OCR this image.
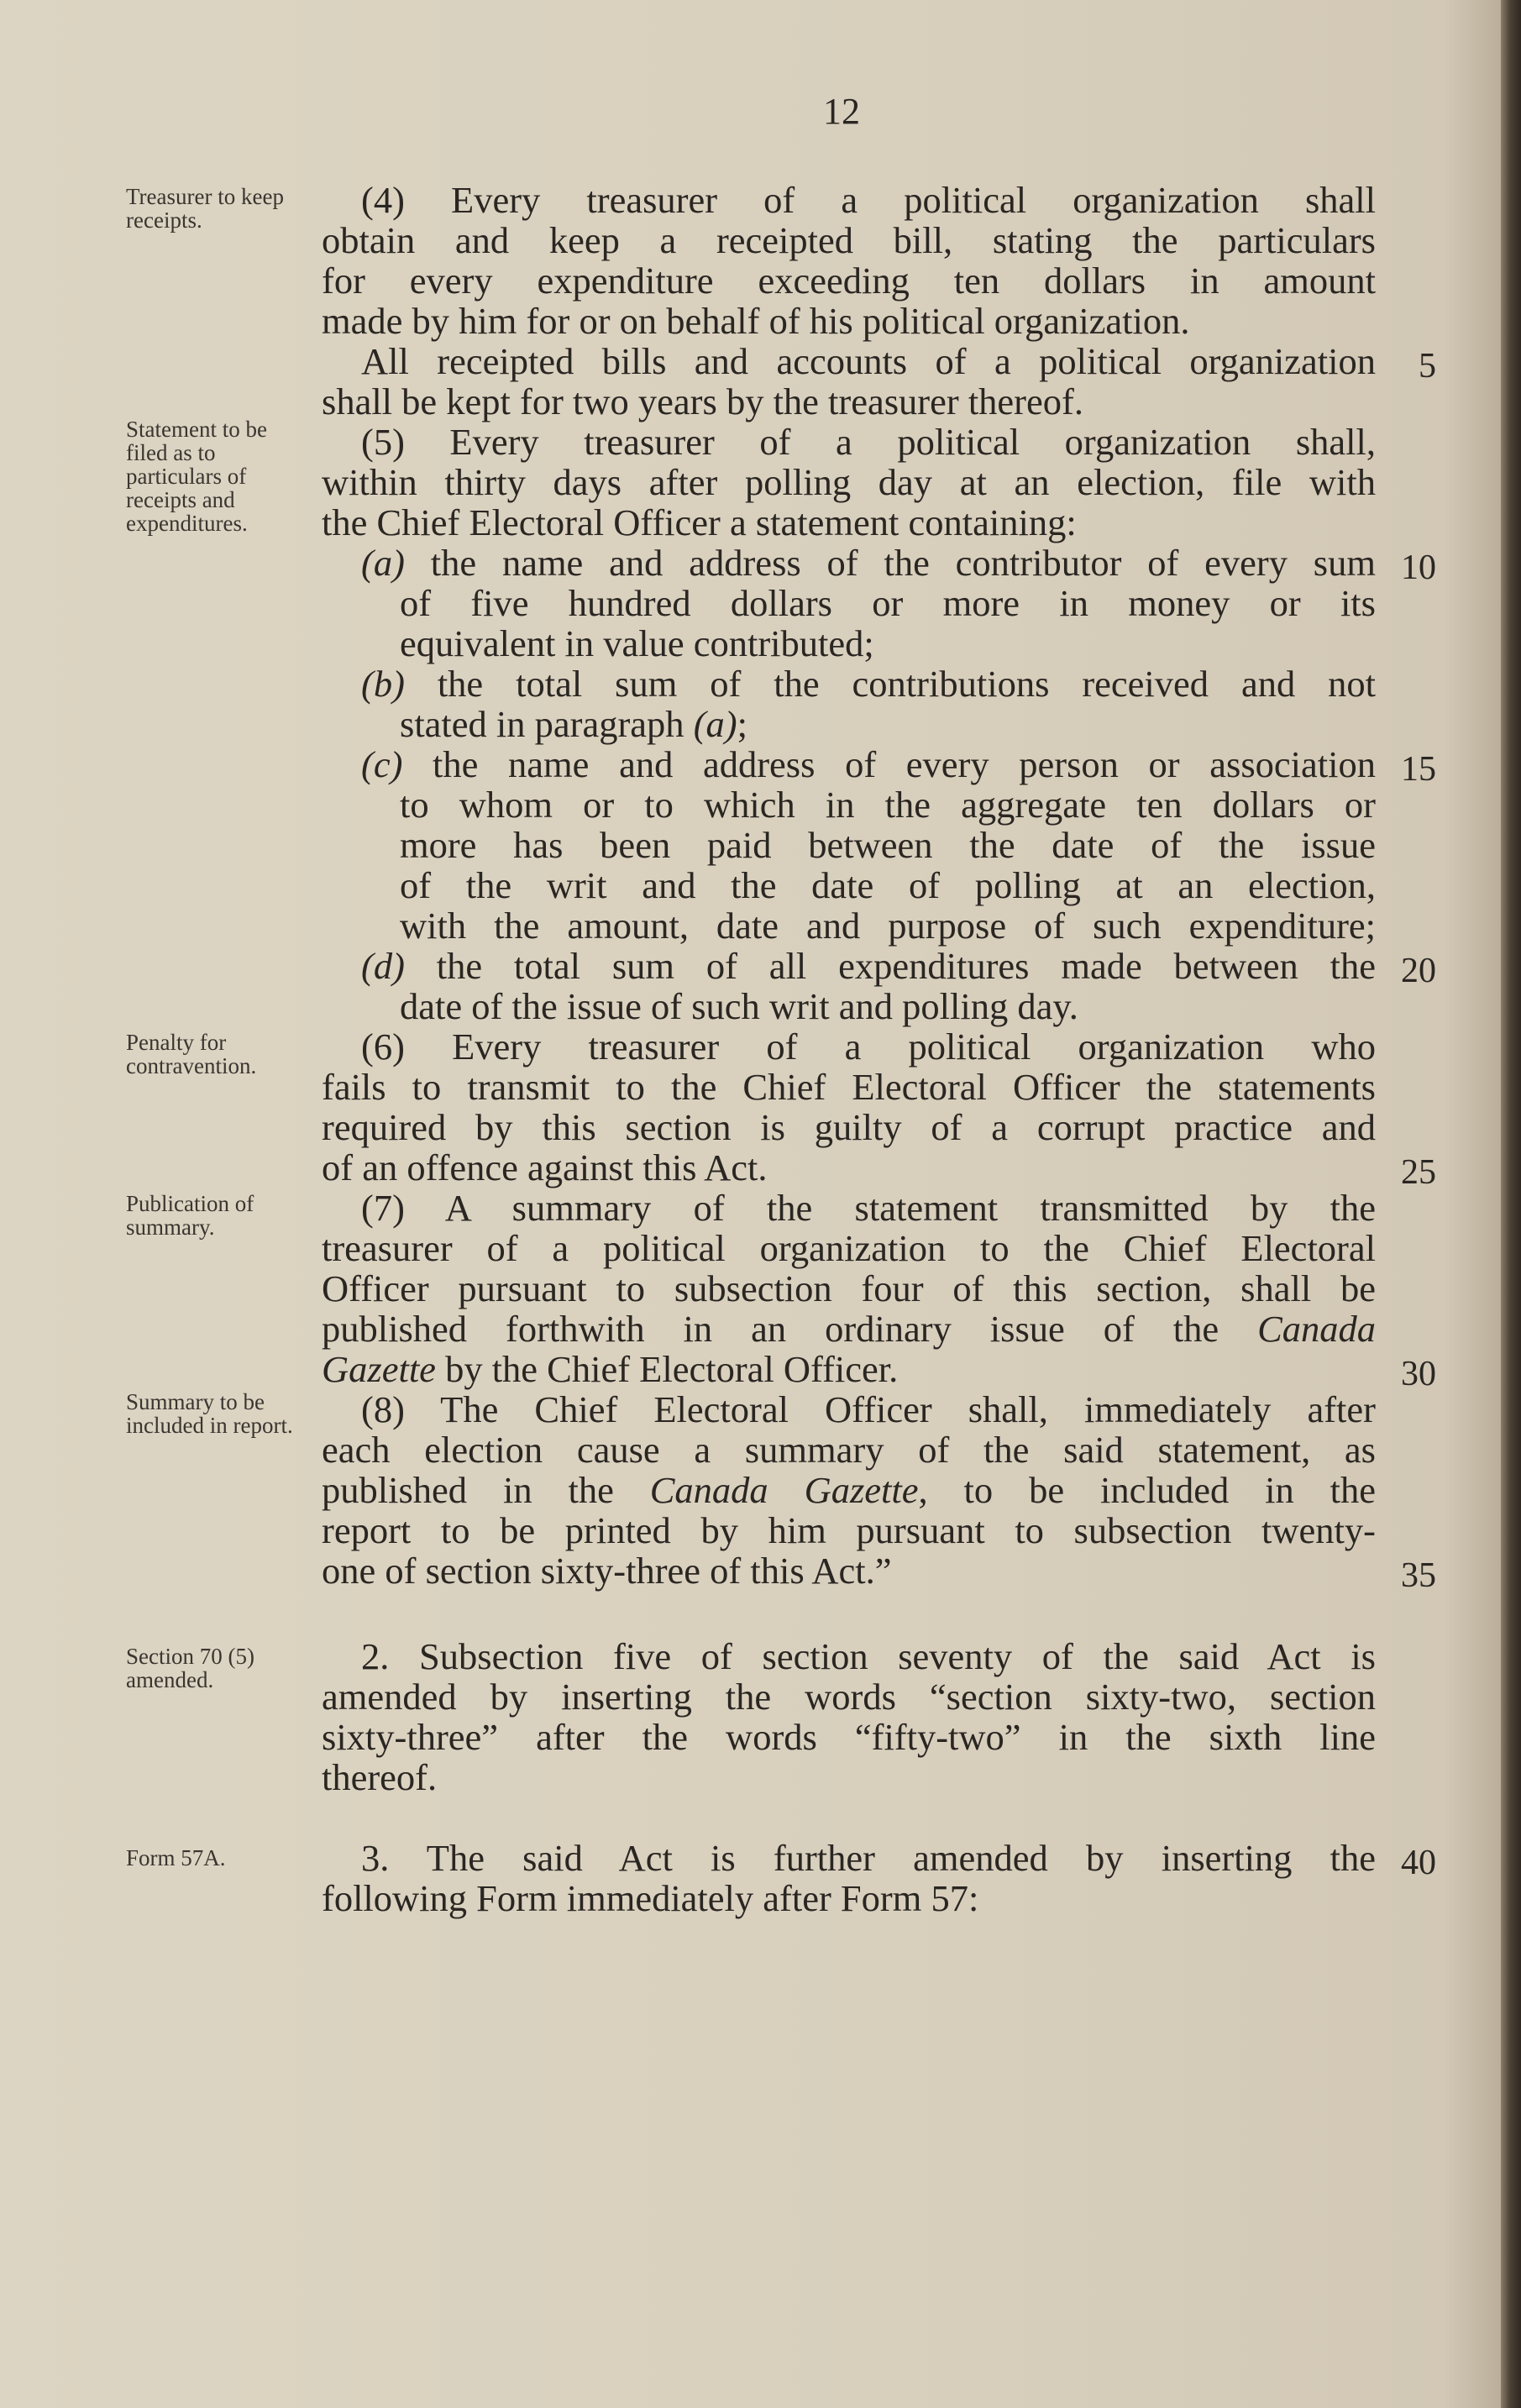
12
Treasurer to keep receipts.
Statement to be filed as to particulars of receipts and expenditures.
Penalty for contravention.
Publication of summary.
Summary to be included in report.
Section 70 (5) amended.
Form 57A.
(4) Every treasurer of a political organization shall
obtain and keep a receipted bill, stating the particulars
for every expenditure exceeding ten dollars in amount
made by him for or on behalf of his political organization.
All receipted bills and accounts of a political organization
shall be kept for two years by the treasurer thereof.
(5) Every treasurer of a political organization shall,
within thirty days after polling day at an election, file with
the Chief Electoral Officer a statement containing:
(a) the name and address of the contributor of every sum
of five hundred dollars or more in money or its
equivalent in value contributed;
(b) the total sum of the contributions received and not
stated in paragraph (a);
(c) the name and address of every person or association
to whom or to which in the aggregate ten dollars or
more has been paid between the date of the issue
of the writ and the date of polling at an election,
with the amount, date and purpose of such expenditure;
(d) the total sum of all expenditures made between the
date of the issue of such writ and polling day.
(6) Every treasurer of a political organization who
fails to transmit to the Chief Electoral Officer the statements
required by this section is guilty of a corrupt practice and
of an offence against this Act.
(7) A summary of the statement transmitted by the
treasurer of a political organization to the Chief Electoral
Officer pursuant to subsection four of this section, shall be
published forthwith in an ordinary issue of the Canada
Gazette by the Chief Electoral Officer.
(8) The Chief Electoral Officer shall, immediately after
each election cause a summary of the said statement, as
published in the Canada Gazette, to be included in the
report to be printed by him pursuant to subsection twenty-
one of section sixty-three of this Act.”
2. Subsection five of section seventy of the said Act is
amended by inserting the words “section sixty-two, section
sixty-three” after the words “fifty-two” in the sixth line
thereof.
3. The said Act is further amended by inserting the
following Form immediately after Form 57:
5
10
15
20
25
30
35
40
